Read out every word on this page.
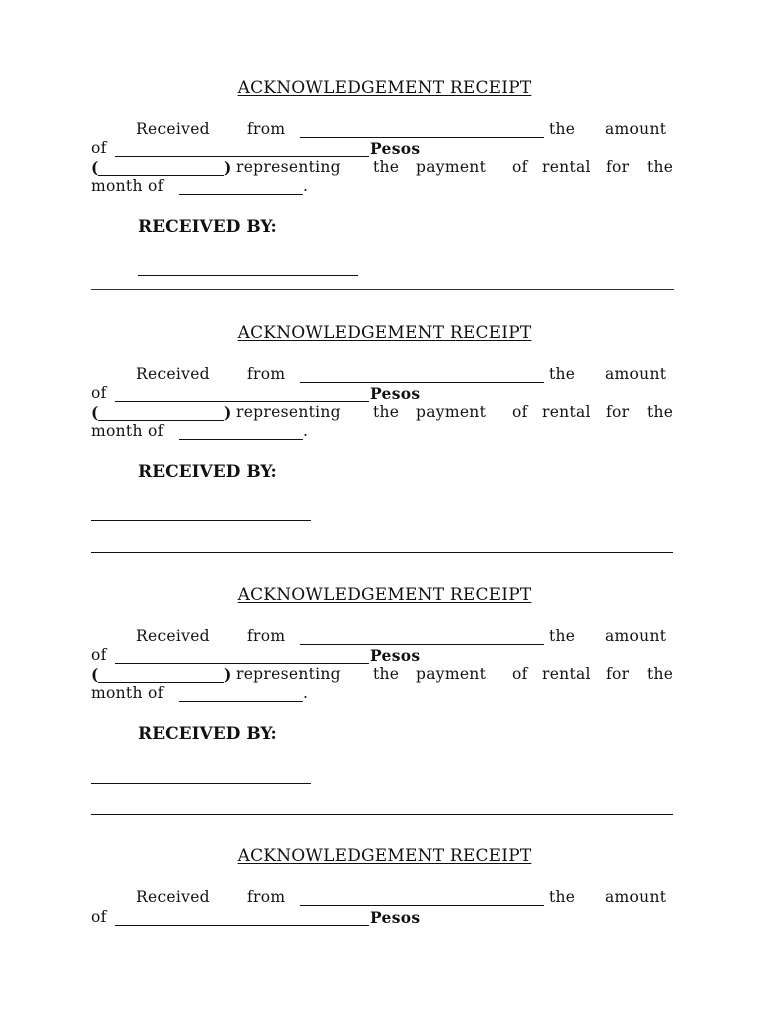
ACKNOWLEDGEMENT RECEIPT
Received from	the amount
of	Pesos
(	) representing the payment of rental for the
month of	.
RECEIVED BY:
ACKNOWLEDGEMENT RECEIPT
Received from	the amount
of	Pesos
(	) representing the payment of rental for the
month of	.
RECEIVED BY:
ACKNOWLEDGEMENT RECEIPT
Received from	the amount
of	Pesos
(	) representing the payment of rental for the
month of	.
RECEIVED BY:
ACKNOWLEDGEMENT RECEIPT
Received from	the amount
of	Pesos
